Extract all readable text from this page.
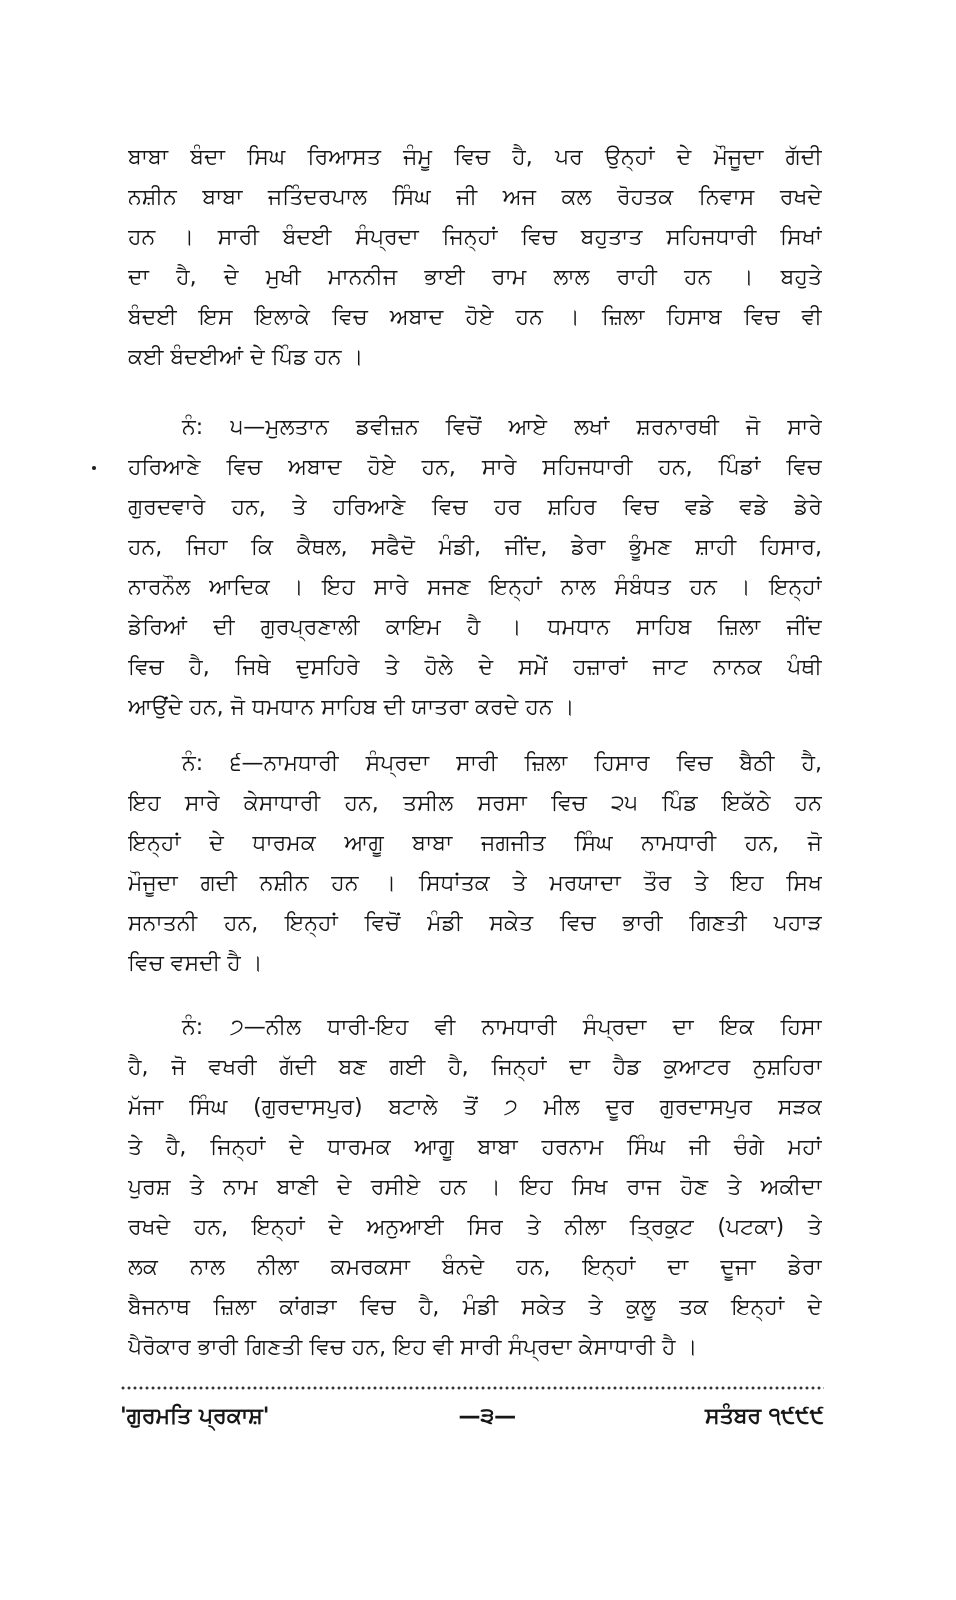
ਬਾਬਾ ਬੰਦਾ ਸਿਘ ਰਿਆਸਤ ਜੰਮੂ ਵਿਚ ਹੈ, ਪਰ ਉਨ੍ਹਾਂ ਦੇ ਮੌਜੂਦਾ ਗੱਦੀ
ਨਸ਼ੀਨ ਬਾਬਾ ਜਤਿੰਦਰਪਾਲ ਸਿੰਘ ਜੀ ਅਜ ਕਲ ਰੋਹਤਕ ਨਿਵਾਸ ਰਖਦੇ
ਹਨ । ਸਾਰੀ ਬੰਦਈ ਸੰਪ੍ਰਦਾ ਜਿਨ੍ਹਾਂ ਵਿਚ ਬਹੁਤਾਤ ਸਹਿਜਧਾਰੀ ਸਿਖਾਂ
ਦਾ ਹੈ, ਦੇ ਮੁਖੀ ਮਾਨਨੀਜ ਭਾਈ ਰਾਮ ਲਾਲ ਰਾਹੀ ਹਨ । ਬਹੁਤੇ
ਬੰਦਈ ਇਸ ਇਲਾਕੇ ਵਿਚ ਅਬਾਦ ਹੋਏ ਹਨ । ਜ਼ਿਲਾ ਹਿਸਾਬ ਵਿਚ ਵੀ
ਕਈ ਬੰਦਈਆਂ ਦੇ ਪਿੰਡ ਹਨ ।
ਨੰ: ੫—ਮੁਲਤਾਨ ਡਵੀਜ਼ਨ ਵਿਚੋਂ ਆਏ ਲਖਾਂ ਸ਼ਰਨਾਰਥੀ ਜੋ ਸਾਰੇ
ਹਰਿਆਣੇ ਵਿਚ ਅਬਾਦ ਹੋਏ ਹਨ, ਸਾਰੇ ਸਹਿਜਧਾਰੀ ਹਨ, ਪਿੰਡਾਂ ਵਿਚ
ਗੁਰਦਵਾਰੇ ਹਨ, ਤੇ ਹਰਿਆਣੇ ਵਿਚ ਹਰ ਸ਼ਹਿਰ ਵਿਚ ਵਡੇ ਵਡੇ ਡੇਰੇ
ਹਨ, ਜਿਹਾ ਕਿ ਕੈਥਲ, ਸਫੈਦੋ ਮੰਡੀ, ਜੀਂਦ, ਡੇਰਾ ਭੂੰਮਣ ਸ਼ਾਹੀ ਹਿਸਾਰ,
ਨਾਰਨੌਲ ਆਦਿਕ । ਇਹ ਸਾਰੇ ਸਜਣ ਇਨ੍ਹਾਂ ਨਾਲ ਸੰਬੰਧਤ ਹਨ । ਇਨ੍ਹਾਂ
ਡੇਰਿਆਂ ਦੀ ਗੁਰਪ੍ਰਣਾਲੀ ਕਾਇਮ ਹੈ । ਧਮਧਾਨ ਸਾਹਿਬ ਜ਼ਿਲਾ ਜੀਂਦ
ਵਿਚ ਹੈ, ਜਿਥੇ ਦੁਸਹਿਰੇ ਤੇ ਹੋਲੇ ਦੇ ਸਮੇਂ ਹਜ਼ਾਰਾਂ ਜਾਟ ਨਾਨਕ ਪੰਥੀ
ਆਉਂਦੇ ਹਨ, ਜੋ ਧਮਧਾਨ ਸਾਹਿਬ ਦੀ ਯਾਤਰਾ ਕਰਦੇ ਹਨ ।
ਨੰ: ੬—ਨਾਮਧਾਰੀ ਸੰਪ੍ਰਦਾ ਸਾਰੀ ਜ਼ਿਲਾ ਹਿਸਾਰ ਵਿਚ ਬੈਠੀ ਹੈ,
ਇਹ ਸਾਰੇ ਕੇਸਾਧਾਰੀ ਹਨ, ਤਸੀਲ ਸਰਸਾ ਵਿਚ ੨੫ ਪਿੰਡ ਇਕੱਠੇ ਹਨ
ਇਨ੍ਹਾਂ ਦੇ ਧਾਰਮਕ ਆਗੂ ਬਾਬਾ ਜਗਜੀਤ ਸਿੰਘ ਨਾਮਧਾਰੀ ਹਨ, ਜੋ
ਮੌਜੂਦਾ ਗਦੀ ਨਸ਼ੀਨ ਹਨ । ਸਿਧਾਂਤਕ ਤੇ ਮਰਯਾਦਾ ਤੌਰ ਤੇ ਇਹ ਸਿਖ
ਸਨਾਤਨੀ ਹਨ, ਇਨ੍ਹਾਂ ਵਿਚੋਂ ਮੰਡੀ ਸਕੇਤ ਵਿਚ ਭਾਰੀ ਗਿਣਤੀ ਪਹਾੜ
ਵਿਚ ਵਸਦੀ ਹੈ ।
ਨੰ: ੭—ਨੀਲ ਧਾਰੀ-ਇਹ ਵੀ ਨਾਮਧਾਰੀ ਸੰਪ੍ਰਦਾ ਦਾ ਇਕ ਹਿਸਾ
ਹੈ, ਜੋ ਵਖਰੀ ਗੱਦੀ ਬਣ ਗਈ ਹੈ, ਜਿਨ੍ਹਾਂ ਦਾ ਹੈਡ ਕੁਆਟਰ ਨੁਸ਼ਹਿਰਾ
ਮੱਜਾ ਸਿੰਘ (ਗੁਰਦਾਸਪੁਰ) ਬਟਾਲੇ ਤੋਂ ੭ ਮੀਲ ਦੂਰ ਗੁਰਦਾਸਪੁਰ ਸੜਕ
ਤੇ ਹੈ, ਜਿਨ੍ਹਾਂ ਦੇ ਧਾਰਮਕ ਆਗੂ ਬਾਬਾ ਹਰਨਾਮ ਸਿੰਘ ਜੀ ਚੰਗੇ ਮਹਾਂ
ਪੁਰਸ਼ ਤੇ ਨਾਮ ਬਾਣੀ ਦੇ ਰਸੀਏ ਹਨ । ਇਹ ਸਿਖ ਰਾਜ ਹੋਣ ਤੇ ਅਕੀਦਾ
ਰਖਦੇ ਹਨ, ਇਨ੍ਹਾਂ ਦੇ ਅਨੁਆਈ ਸਿਰ ਤੇ ਨੀਲਾ ਤ੍ਰਿਕੁਟ (ਪਟਕਾ) ਤੇ
ਲਕ ਨਾਲ ਨੀਲਾ ਕਮਰਕਸਾ ਬੰਨਦੇ ਹਨ, ਇਨ੍ਹਾਂ ਦਾ ਦੂਜਾ ਡੇਰਾ
ਬੈਜਨਾਥ ਜ਼ਿਲਾ ਕਾਂਗੜਾ ਵਿਚ ਹੈ, ਮੰਡੀ ਸਕੇਤ ਤੇ ਕੁਲੂ ਤਕ ਇਨ੍ਹਾਂ ਦੇ
ਪੈਰੋਕਾਰ ਭਾਰੀ ਗਿਣਤੀ ਵਿਚ ਹਨ, ਇਹ ਵੀ ਸਾਰੀ ਸੰਪ੍ਰਦਾ ਕੇਸਾਧਾਰੀ ਹੈ ।
'ਗੁਰਮਤਿ ਪ੍ਰਕਾਸ਼'	—੩—	ਸਤੰਬਰ ੧੯੯੯
